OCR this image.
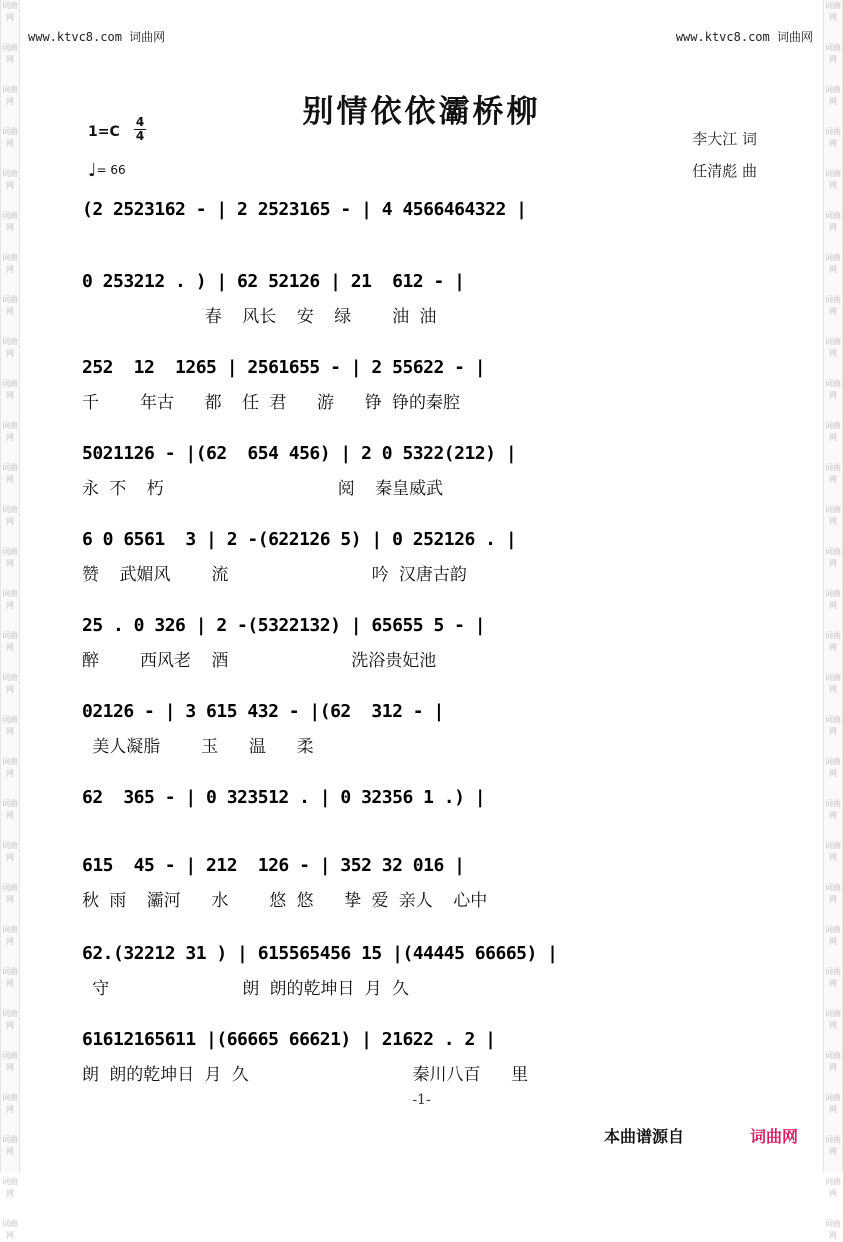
词曲网
词曲网
词曲网
词曲网
词曲网
词曲网
词曲网
词曲网
词曲网
词曲网
词曲网
词曲网
词曲网
词曲网
词曲网
词曲网
词曲网
词曲网
词曲网
词曲网
词曲网
词曲网
词曲网
词曲网
词曲网
词曲网
词曲网
词曲网
词曲网
词曲网
词曲网
词曲网
词曲网
词曲网
词曲网
词曲网
词曲网
词曲网
词曲网
词曲网
词曲网
词曲网
词曲网
词曲网
词曲网
词曲网
词曲网
词曲网
词曲网
词曲网
词曲网
词曲网
词曲网
词曲网
词曲网
词曲网
词曲网
词曲网
词曲网
词曲网
www.ktvc8.com 词曲网	www.ktvc8.com 词曲网
别情依依灞桥柳
1=C
4
4
♩= 66
李大江 词
任清彪 曲
(2 2523162 - | 2 2523165 - | 4 4566464322 |
0 253212 . ) | 62 52126 | 21  612 - |
春  风长  安  绿    油 油
252  12  1265 | 2561655 - | 2 55622 - |
千    年古   都  任 君   游   铮 铮的秦腔
5021126 - |(62  654 456) | 2 0 5322(212) |
永 不  朽                 阅  秦皇威武
6 0 6561  3 | 2 -(622126 5) | 0 252126 . |
赞  武媚风    流              吟 汉唐古韵
25 . 0 326 | 2 -(5322132) | 65655 5 - |
醉    西风老  酒            洗浴贵妃池
02126 - | 3 615 432 - |(62  312 - |
美人凝脂    玉   温   柔
62  365 - | 0 323512 . | 0 32356 1 .) |
615  45 - | 212  126 - | 352 32 016 |
秋 雨  灞河   水    悠 悠   挚 爱 亲人  心中
62.(32212 31 ) | 615565456 15 |(44445 66665) |
守             朗 朗的乾坤日 月 久
61612165611 |(66665 66621) | 21622 . 2 |
朗 朗的乾坤日 月 久                秦川八百   里
-1-
本曲谱源自	词曲网
